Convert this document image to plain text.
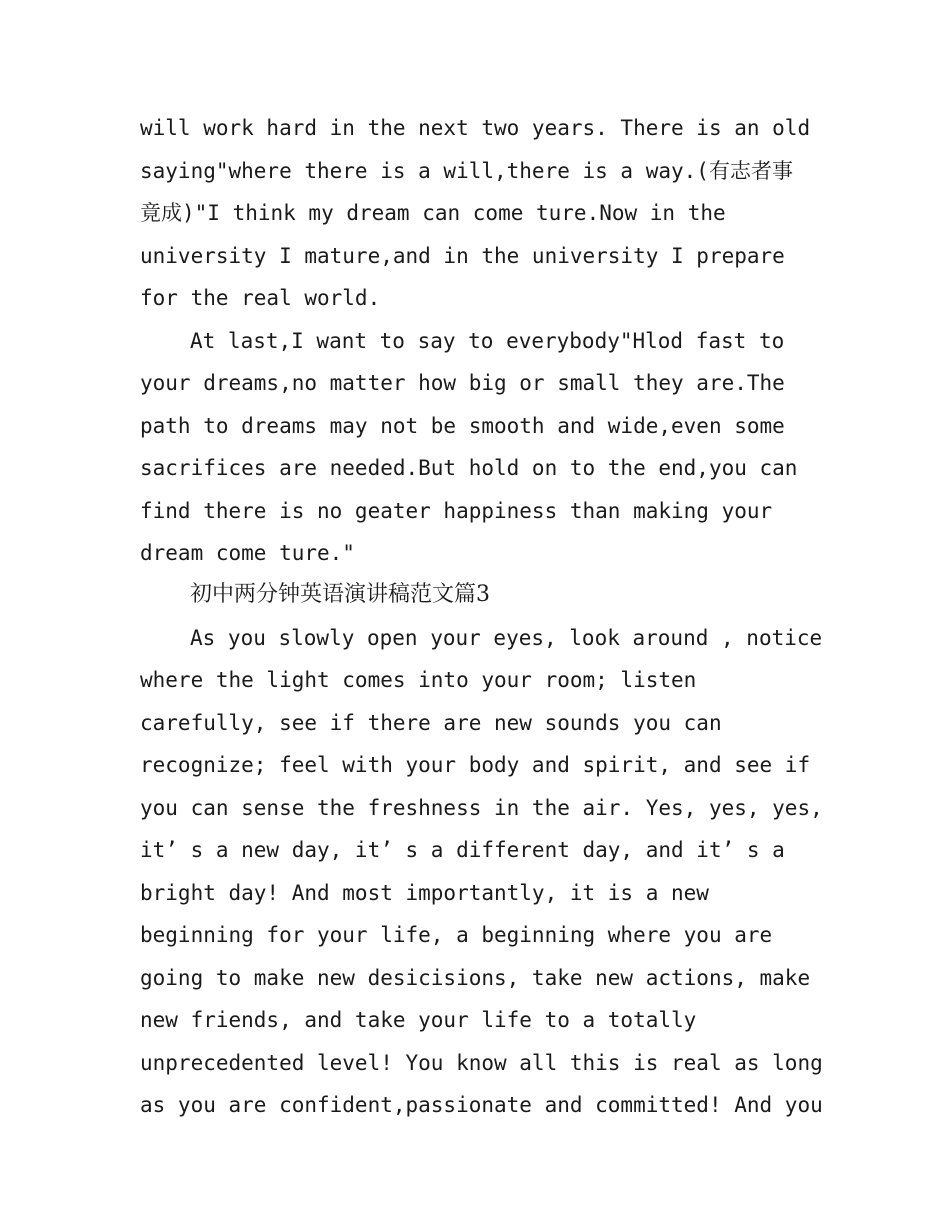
will work hard in the next two years. There is an old
saying"where there is a will,there is a way.(有志者事
竟成)"I think my dream can come ture.Now in the
university I mature,and in the university I prepare
for the real world.
At last,I want to say to everybody"Hlod fast to
your dreams,no matter how big or small they are.The
path to dreams may not be smooth and wide,even some
sacrifices are needed.But hold on to the end,you can
find there is no geater happiness than making your
dream come ture."
初中两分钟英语演讲稿范文篇3
As you slowly open your eyes, look around , notice
where the light comes into your room; listen
carefully, see if there are new sounds you can
recognize; feel with your body and spirit, and see if
you can sense the freshness in the air. Yes, yes, yes,
it’ s a new day, it’ s a different day, and it’ s a
bright day! And most importantly, it is a new
beginning for your life, a beginning where you are
going to make new desicisions, take new actions, make
new friends, and take your life to a totally
unprecedented level! You know all this is real as long
as you are confident,passionate and committed! And you
